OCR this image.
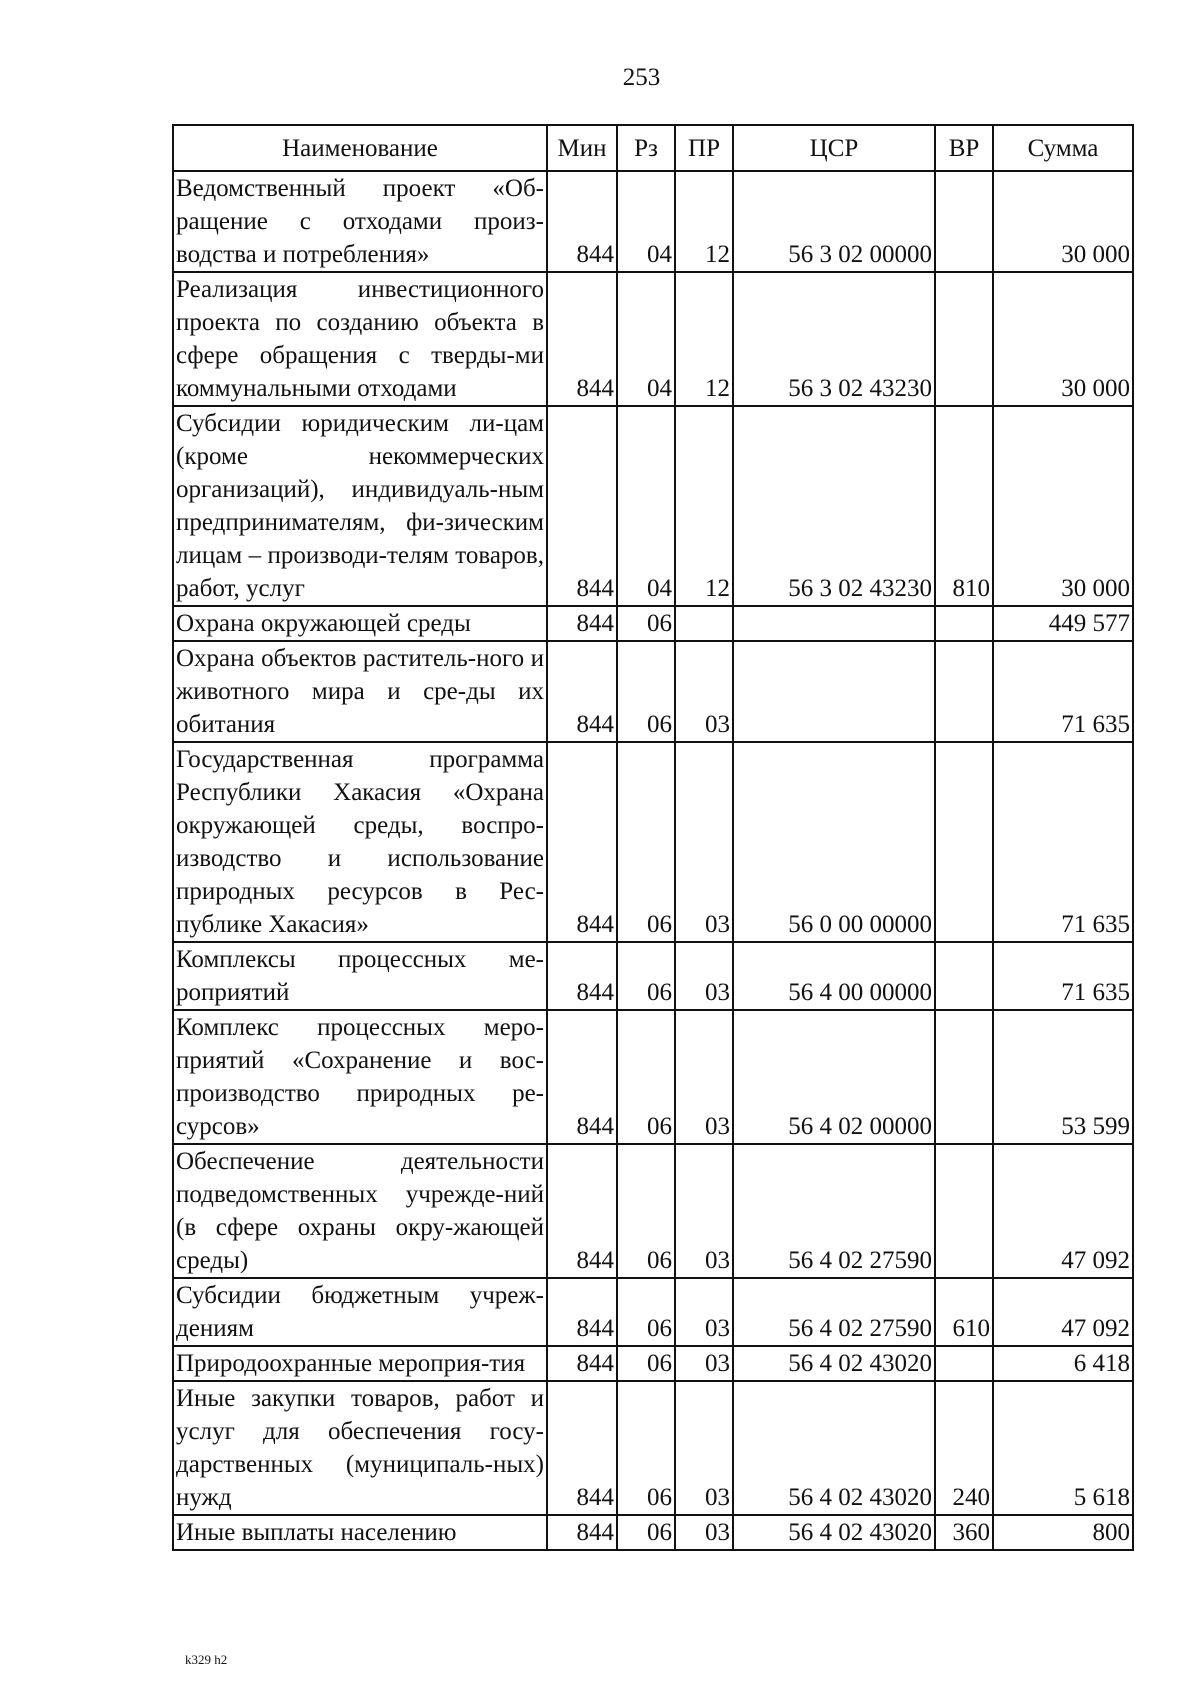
253
Наименование	Мин	Рз	ПР	ЦСР	ВР	Сумма
Ведомственный проект «Об-ращение с отходами произ-водства и потребления»	844	04	12	56 3 02 00000		30 000
Реализация инвестиционного проекта по созданию объекта в сфере обращения с тверды-ми коммунальными отходами	844	04	12	56 3 02 43230		30 000
Субсидии юридическим ли-цам (кроме некоммерческих организаций), индивидуаль-ным предпринимателям, фи-зическим лицам – производи-телям товаров, работ, услуг	844	04	12	56 3 02 43230	810	30 000
Охрана окружающей среды	844	06				449 577
Охрана объектов раститель-ного и животного мира и сре-ды их обитания	844	06	03			71 635
Государственная программа Республики Хакасия «Охрана окружающей среды, воспро-изводство и использование природных ресурсов в Рес-публике Хакасия»	844	06	03	56 0 00 00000		71 635
Комплексы процессных ме-роприятий	844	06	03	56 4 00 00000		71 635
Комплекс процессных меро-приятий «Сохранение и вос-производство природных ре-сурсов»	844	06	03	56 4 02 00000		53 599
Обеспечение деятельности подведомственных учрежде-ний (в сфере охраны окру-жающей среды)	844	06	03	56 4 02 27590		47 092
Субсидии бюджетным учреж-дениям	844	06	03	56 4 02 27590	610	47 092
Природоохранные мероприя-тия	844	06	03	56 4 02 43020		6 418
Иные закупки товаров, работ и услуг для обеспечения госу-дарственных (муниципаль-ных) нужд	844	06	03	56 4 02 43020	240	5 618
Иные выплаты населению	844	06	03	56 4 02 43020	360	800
k329 h2
